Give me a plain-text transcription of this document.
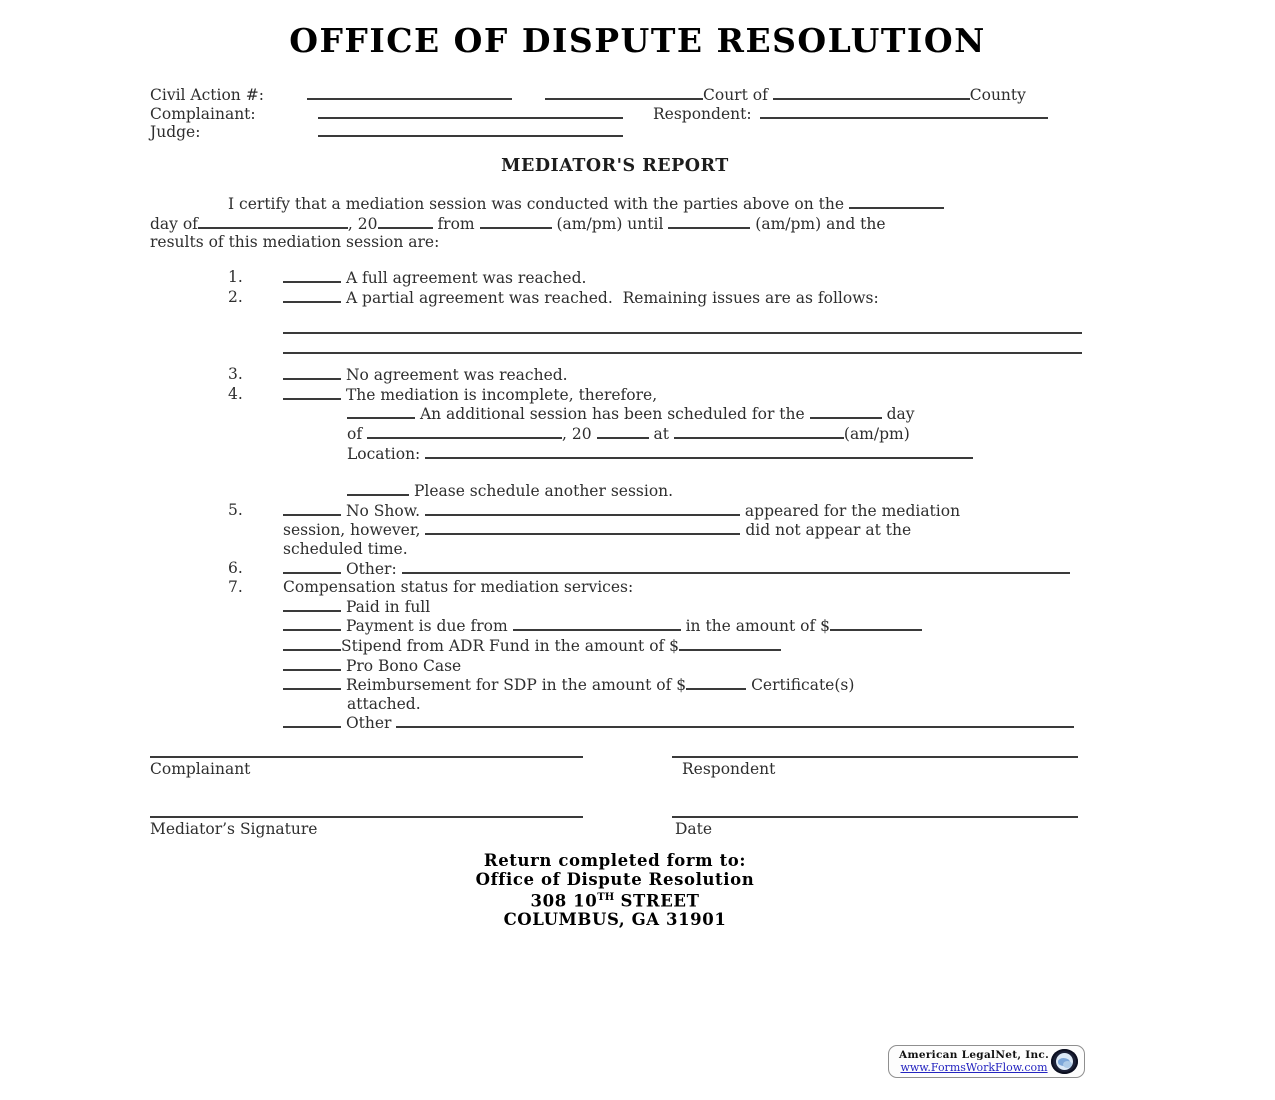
OFFICE OF DISPUTE RESOLUTION
Civil Action #:	Court of	County
Complainant:	Respondent:
Judge:
MEDIATOR'S REPORT
I certify that a mediation session was conducted with the parties above on the
day of	, 20	from	(am/pm) until	(am/pm) and the
results of this mediation session are:
1.	A full agreement was reached.
2.	A partial agreement was reached.  Remaining issues are as follows:
3.	No agreement was reached.
4.	The mediation is incomplete, therefore,
An additional session has been scheduled for the	day
of	, 20	at	(am/pm)
Location:
Please schedule another session.
5.	No Show.	appeared for the mediation
session, however,	did not appear at the
scheduled time.
6.	Other:
7.	Compensation status for mediation services:
Paid in full
Payment is due from	in the amount of $
Stipend from ADR Fund in the amount of $
Pro Bono Case
Reimbursement for SDP in the amount of $	Certificate(s)
attached.
Other
Complainant	Respondent
Mediator’s Signature	Date
Return completed form to:
Office of Dispute Resolution
308 10TH STREET
COLUMBUS, GA 31901
American LegalNet, Inc.
www.FormsWorkFlow.com
